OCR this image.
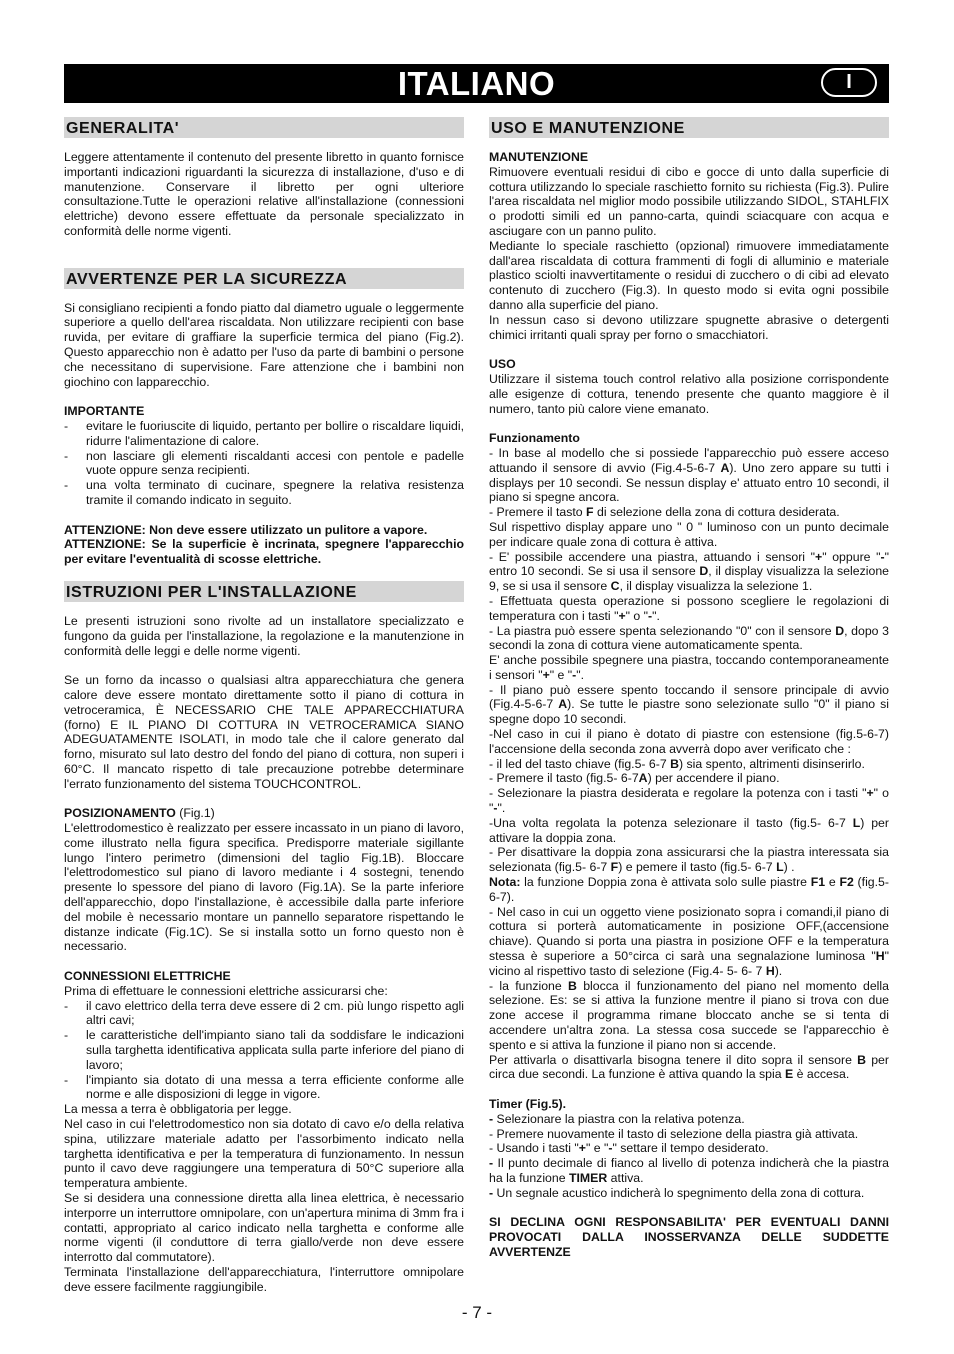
ITALIANO	I
GENERALITA'

Leggere attentamente il contenuto del presente libretto in quanto fornisce importanti indicazioni riguardanti la sicurezza di installazione, d'uso e di manutenzione. Conservare il libretto per ogni ulteriore consultazione.Tutte le operazioni relative all'installazione (connessioni elettriche) devono essere effettuate da personale specializzato in conformità delle norme vigenti.

AVVERTENZE PER LA SICUREZZA

Si consigliano recipienti a fondo piatto dal diametro uguale o leggermente superiore a quello dell'area riscaldata. Non utilizzare recipienti con base ruvida, per evitare di graffiare la superficie termica del piano (Fig.2). Questo apparecchio non è adatto per l'uso da parte di bambini o persone che necessitano di supervisione. Fare attenzione che i bambini non giochino con lapparecchio.

IMPORTANTE
- evitare le fuoriuscite di liquido, pertanto per bollire o riscaldare liquidi, ridurre l'alimentazione di calore.
- non lasciare gli elementi riscaldanti accesi con pentole e padelle vuote oppure senza recipienti.
- una volta terminato di cucinare, spegnere la relativa resistenza tramite il comando indicato in seguito.

ATTENZIONE: Non deve essere utilizzato un pulitore a vapore.

ATTENZIONE: Se la superficie è incrinata, spegnere l'apparecchio per evitare l'eventualità di scosse elettriche.

ISTRUZIONI PER L'INSTALLAZIONE

Le presenti istruzioni sono rivolte ad un installatore specializzato e fungono da guida per l'installazione, la regolazione e la manutenzione in conformità delle leggi e delle norme vigenti.

Se un forno da incasso o qualsiasi altra apparecchiatura che genera calore deve essere montato direttamente sotto il piano di cottura in vetroceramica, È NECESSARIO CHE TALE APPARECCHIATURA (forno) E IL PIANO DI COTTURA IN VETROCERAMICA SIANO ADEGUATAMENTE ISOLATI, in modo tale che il calore generato dal forno, misurato sul lato destro del fondo del piano di cottura, non superi i 60°C. Il mancato rispetto di tale precauzione potrebbe determinare l'errato funzionamento del sistema TOUCHCONTROL.

POSIZIONAMENTO (Fig.1)

L'elettrodomestico è realizzato per essere incassato in un piano di lavoro, come illustrato nella figura specifica. Predisporre materiale sigillante lungo l'intero perimetro (dimensioni del taglio Fig.1B). Bloccare l'elettrodomestico sul piano di lavoro mediante i 4 sostegni, tenendo presente lo spessore del piano di lavoro (Fig.1A). Se la parte inferiore dell'apparecchio, dopo l'installazione, è accessibile dalla parte inferiore del mobile è necessario montare un pannello separatore rispettando le distanze indicate (Fig.1C). Se si installa sotto un forno questo non è necessario.

CONNESSIONI ELETTRICHE

Prima di effettuare le connessioni elettriche assicurarsi che:

- il cavo elettrico della terra deve essere di 2 cm. più lungo rispetto agli altri cavi;
- le caratteristiche dell'impianto siano tali da soddisfare le indicazioni sulla targhetta identificativa applicata sulla parte inferiore del piano di lavoro;
- l'impianto sia dotato di una messa a terra efficiente conforme alle norme e alle disposizioni di legge in vigore.

La messa a terra è obbligatoria per legge.

Nel caso in cui l'elettrodomestico non sia dotato di cavo e/o della relativa spina, utilizzare materiale adatto per l'assorbimento indicato nella targhetta identificativa e per la temperatura di funzionamento. In nessun punto il cavo deve raggiungere una temperatura di 50°C superiore alla temperatura ambiente.

Se si desidera una connessione diretta alla linea elettrica, è necessario interporre un interruttore omnipolare, con un'apertura minima di 3mm fra i contatti, appropriato al carico indicato nella targhetta e conforme alle norme vigenti (il conduttore di terra giallo/verde non deve essere interrotto dal commutatore).

Terminata l'installazione dell'apparecchiatura, l'interruttore omnipolare deve essere facilmente raggiungibile.

USO E MANUTENZIONE
MANUTENZIONE

Rimuovere eventuali residui di cibo e gocce di unto dalla superficie di cottura utilizzando lo speciale raschietto fornito su richiesta (Fig.3). Pulire l'area riscaldata nel miglior modo possibile utilizzando SIDOL, STAHLFIX o prodotti simili ed un panno-carta, quindi sciacquare con acqua e asciugare con un panno pulito.

Mediante lo speciale raschietto (opzional) rimuovere immediatamente dall'area riscaldata di cottura frammenti di fogli di alluminio e materiale plastico sciolti inavvertitamente o residui di zucchero o di cibi ad elevato contenuto di zucchero (Fig.3). In questo modo si evita ogni possibile danno alla superficie del piano.

In nessun caso si devono utilizzare spugnette abrasive o detergenti chimici irritanti quali spray per forno o smacchiatori.

USO

Utilizzare il sistema touch control relativo alla posizione corrispondente alle esigenze di cottura, tenendo presente che quanto maggiore è il numero, tanto più calore viene emanato.

Funzionamento

- In base al modello che si possiede l'apparecchio può essere acceso attuando il sensore di avvio (Fig.4-5-6-7 A). Uno zero appare su tutti i displays per 10 secondi. Se nessun display e' attuato entro 10 secondi, il piano si spegne ancora.

- Premere il tasto F di selezione della zona di cottura desiderata.

Sul rispettivo display appare uno " 0 " luminoso con un punto decimale per indicare quale zona di cottura è attiva.

- E' possibile accendere una piastra, attuando i sensori "+" oppure "-" entro 10 secondi. Se si usa il sensore D, il display visualizza la selezione 9, se si usa il sensore C, il display visualizza la selezione 1.

- Effettuata questa operazione si possono scegliere le regolazioni di temperatura con i tasti "+" o "-".

- La piastra può essere spenta selezionando "0" con il sensore D, dopo 3 secondi la zona di cottura viene automaticamente spenta.

E' anche possibile spegnere una piastra, toccando contemporaneamente i sensori "+" e "-".

- Il piano può essere spento toccando il sensore principale di avvio (Fig.4-5-6-7 A). Se tutte le piastre sono selezionate sullo "0" il piano si spegne dopo 10 secondi.

-Nel caso in cui il piano è dotato di piastre con estensione (fig.5-6-7) l'accensione della seconda zona avverrà dopo aver verificato che :

- il led del tasto chiave (fig.5- 6-7 B) sia spento, altrimenti disinserirlo.

- Premere il tasto (fig.5- 6-7A) per accendere il piano.

- Selezionare la piastra desiderata e regolare la potenza con i tasti "+" o "-".

-Una volta regolata la potenza selezionare il tasto (fig.5- 6-7 L) per attivare la doppia zona.

- Per disattivare la doppia zona assicurarsi che la piastra interessata sia selezionata (fig.5- 6-7 F) e pemere il tasto (fig.5- 6-7 L) .

Nota: la funzione Doppia zona è attivata solo sulle piastre F1 e F2 (fig.5- 6-7).

- Nel caso in cui un oggetto viene posizionato sopra i comandi,il piano di cottura si porterà automaticamente in posizione OFF,(accensione chiave). Quando si porta una piastra in posizione OFF e la temperatura stessa è superiore a 50°circa ci sarà una segnalazione luminosa "H" vicino al rispettivo tasto di selezione (Fig.4- 5- 6- 7 H).

- la funzione B blocca il funzionamento del piano nel momento della selezione. Es: se si attiva la funzione mentre il piano si trova con due zone accese il programma rimane bloccato anche se si tenta di accendere un'altra zona. La stessa cosa succede se l'apparecchio è spento e si attiva la funzione il piano non si accende.

Per attivarla o disattivarla bisogna tenere il dito sopra il sensore B per circa due secondi. La funzione è attiva quando la spia E è accesa.

Timer (Fig.5).

- Selezionare la piastra con la relativa potenza.

- Premere nuovamente il tasto di selezione della piastra già attivata.

- Usando i tasti "+" e "-" settare il tempo desiderato.

- Il punto decimale di fianco al livello di potenza indicherà che la piastra ha la funzione TIMER attiva.

- Un segnale acustico indicherà lo spegnimento della zona di cottura.

SI DECLINA OGNI RESPONSABILITA' PER EVENTUALI DANNI PROVOCATI DALLA INOSSERVANZA DELLE SUDDETTE AVVERTENZE

- 7 -
